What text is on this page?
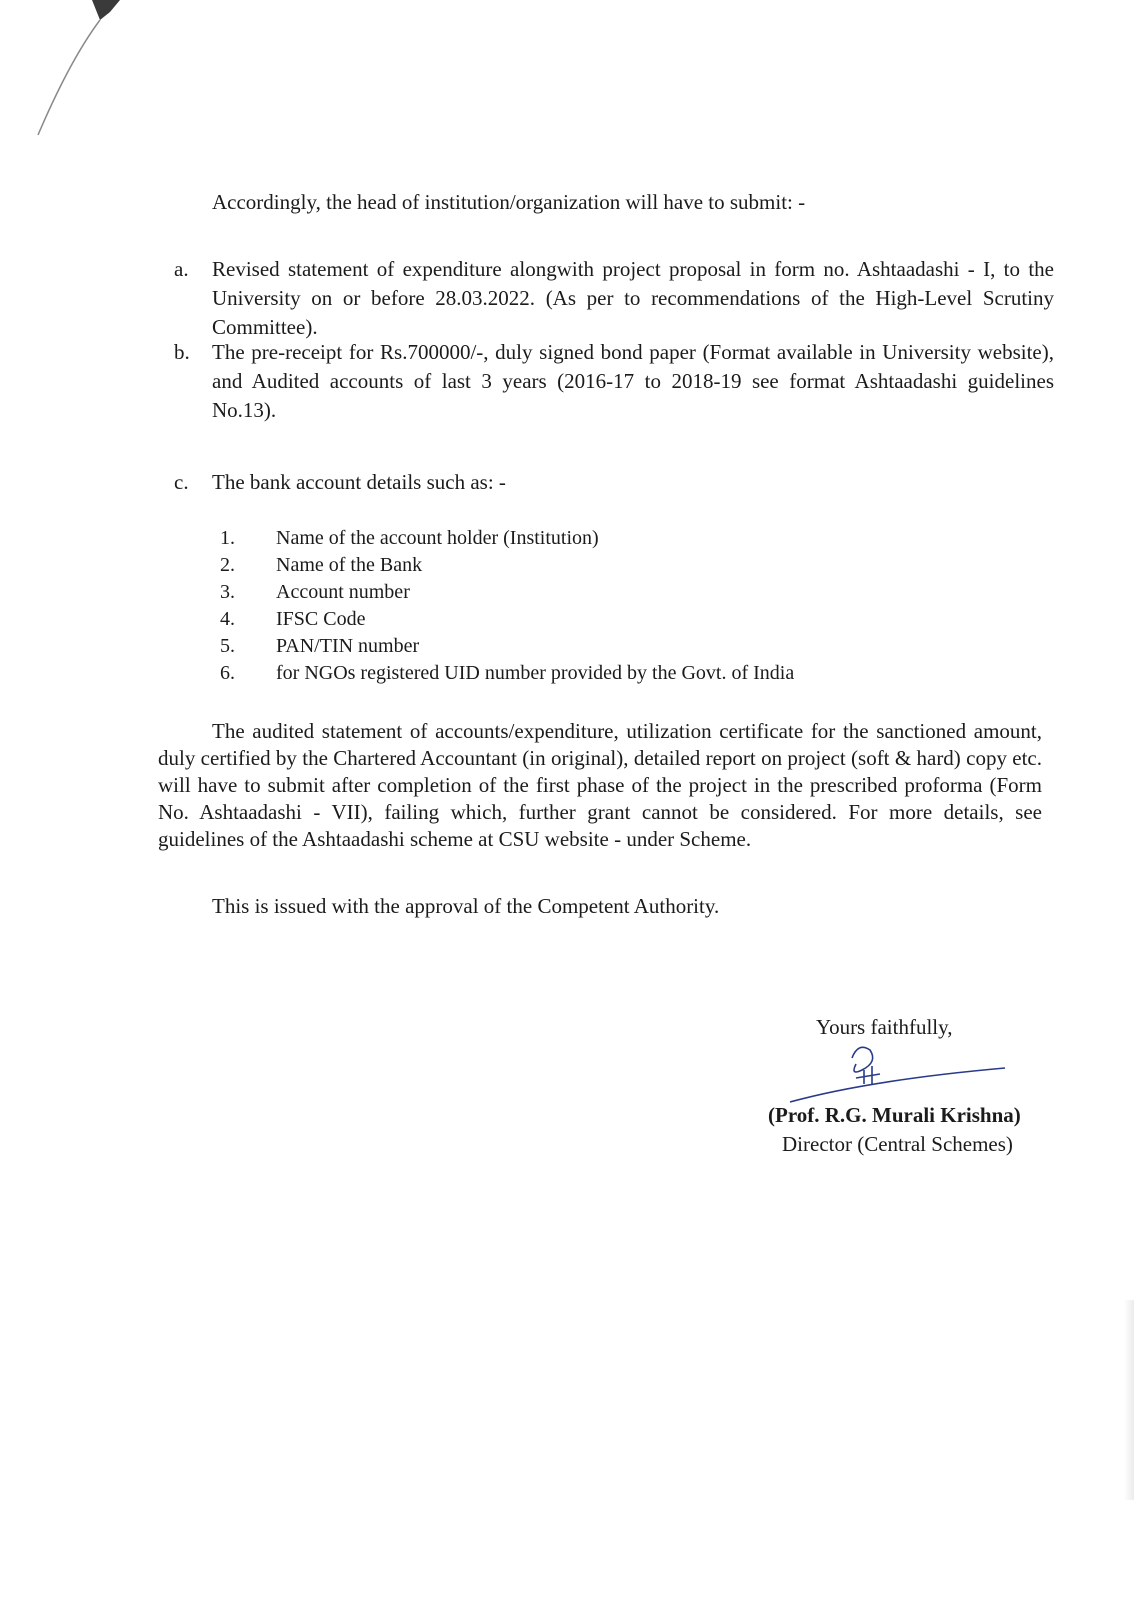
Accordingly, the head of institution/organization will have to submit: -

a.	Revised statement of expenditure alongwith project proposal in form no. Ashtaadashi - I, to the University on or before 28.03.2022. (As per to recommendations of the High-Level Scrutiny Committee).
b.	The pre-receipt for Rs.700000/-, duly signed bond paper (Format available in University website), and Audited accounts of last 3 years (2016-17 to 2018-19 see format Ashtaadashi guidelines No.13).
c.	The bank account details such as: -
1.	Name of the account holder (Institution)
2.	Name of the Bank
3.	Account number
4.	IFSC Code
5.	PAN/TIN number
6.	for NGOs registered UID number provided by the Govt. of India

The audited statement of accounts/expenditure, utilization certificate for the sanctioned amount, duly certified by the Chartered Accountant (in original), detailed report on project (soft & hard) copy etc. will have to submit after completion of the first phase of the project in the prescribed proforma (Form No. Ashtaadashi - VII), failing which, further grant cannot be considered. For more details, see guidelines of the Ashtaadashi scheme at CSU website - under Scheme.

This is issued with the approval of the Competent Authority.

Yours faithfully,
(Prof. R.G. Murali Krishna)
Director (Central Schemes)
